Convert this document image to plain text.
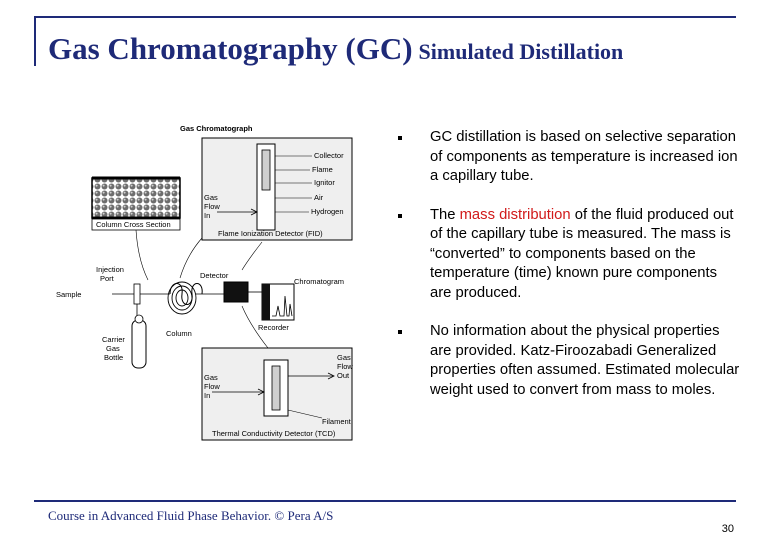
Gas Chromatography (GC) Simulated Distillation
Gas Chromatograph
Collector
Flame
Ignitor
Air
Hydrogen
Gas
Flow
In
Flame Ionization Detector (FID)
Column Cross Section
Injection
Port
Sample
Detector
Chromatogram
Recorder
Carrier
Gas
Bottle
Column
Gas
Flow
Out
Gas
Flow
In
Filament
Thermal Conductivity Detector (TCD)
GC distillation is based on selective separation of components as temperature is increased ion a capillary tube.
The mass distribution of the fluid produced out of the capillary tube is measured. The mass is “converted” to components based on the temperature (time) known pure components are produced.
No information about the physical properties are provided. Katz-Firoozabadi Generalized properties often assumed. Estimated molecular weight used to convert from mass to moles.
Course in Advanced Fluid Phase Behavior. © Pera A/S
30
